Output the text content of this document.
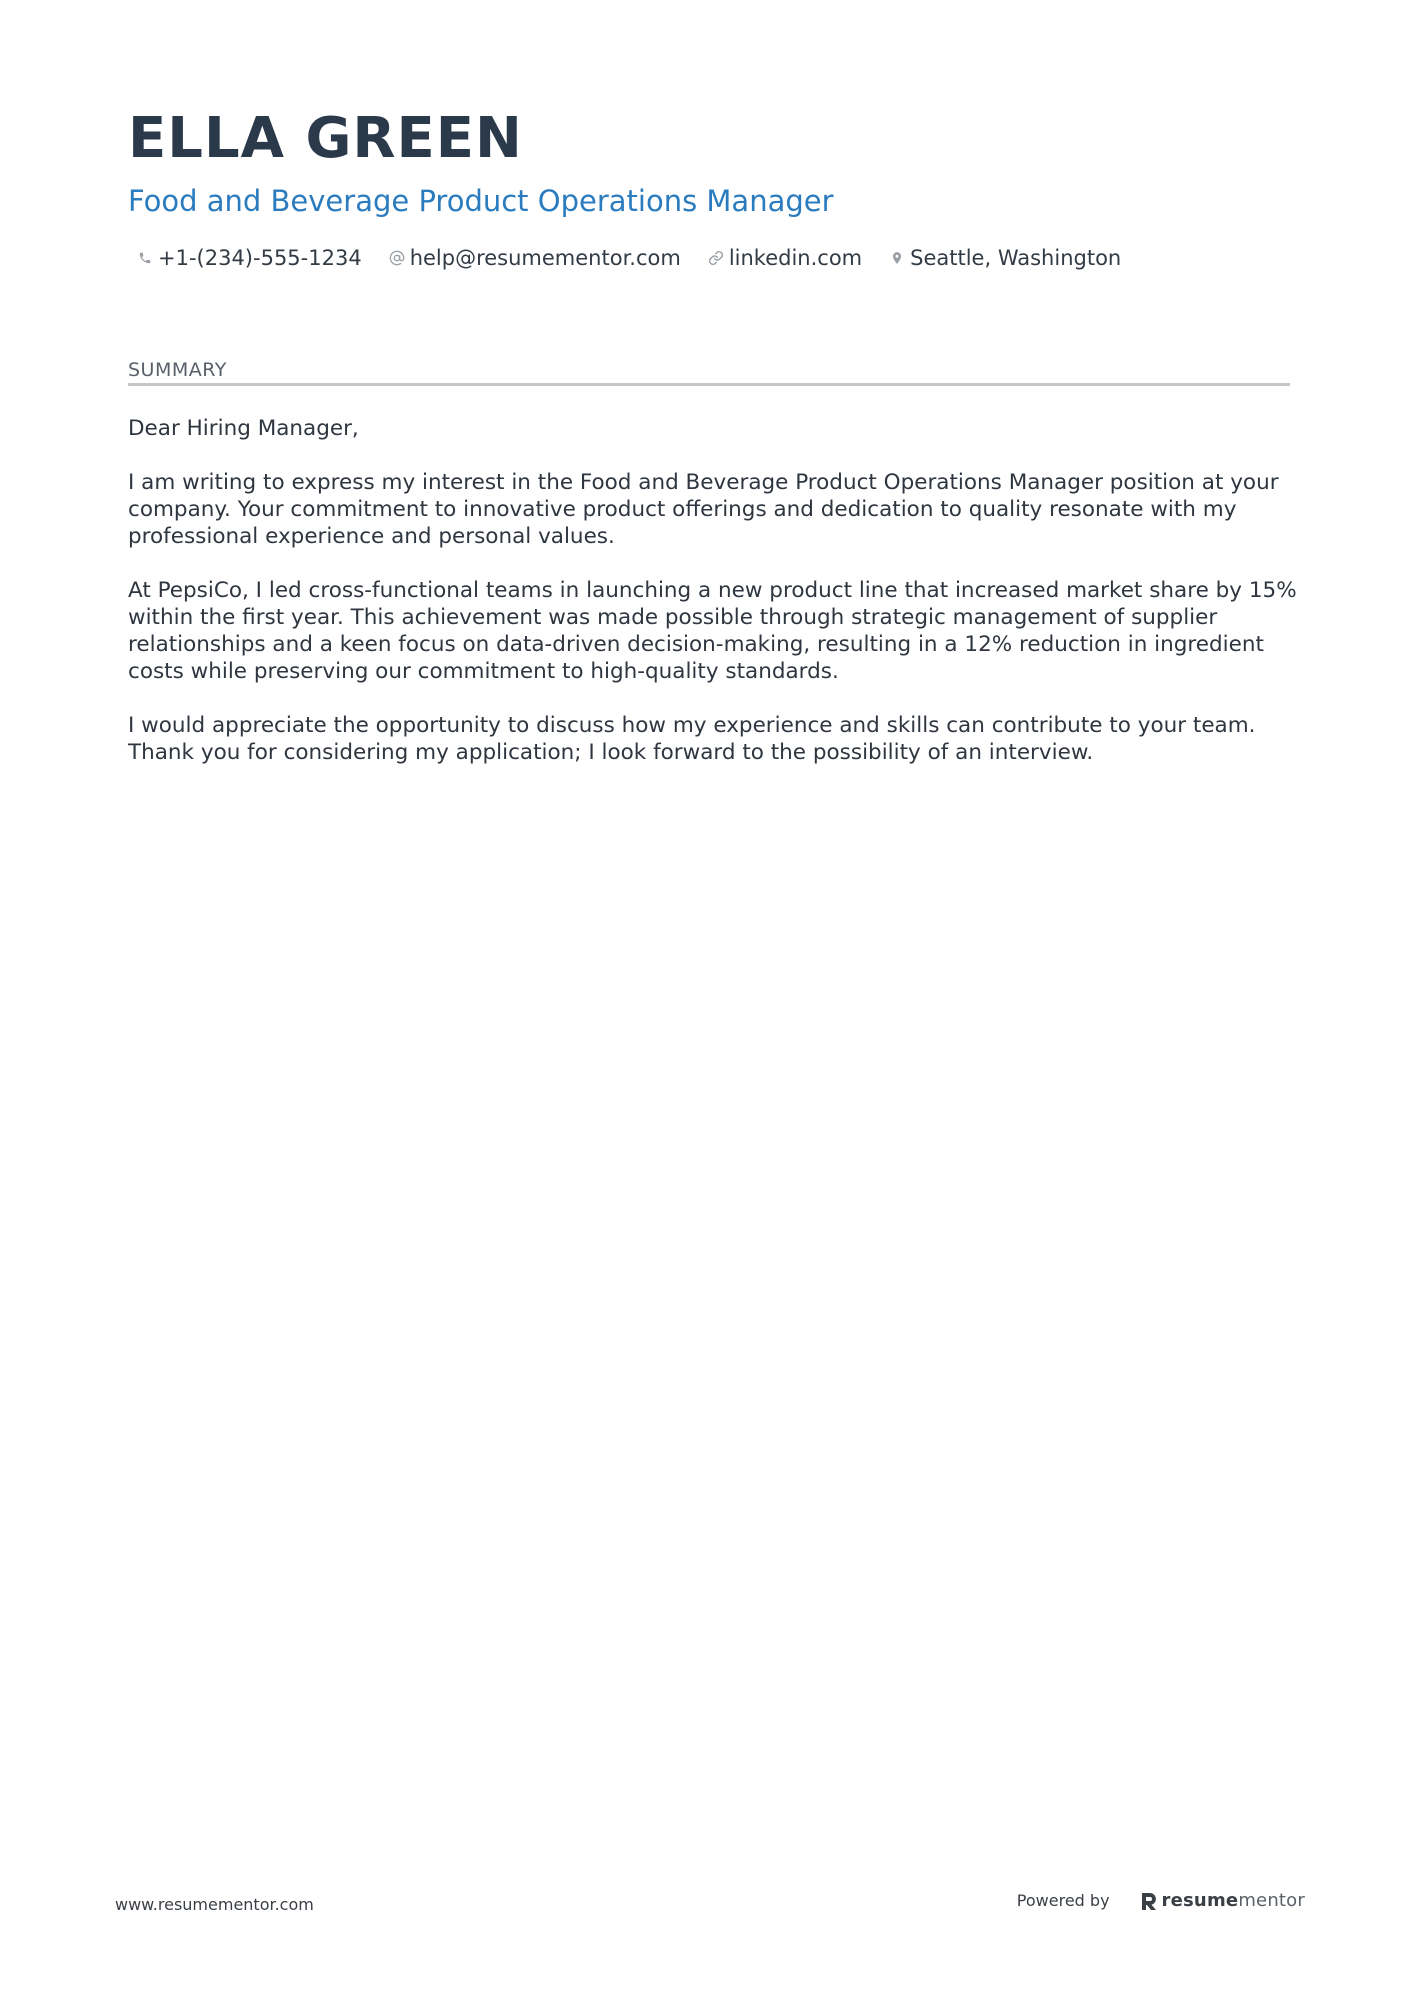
ELLA GREEN
Food and Beverage Product Operations Manager
+1-(234)-555-1234 help@resumementor.com linkedin.com Seattle, Washington
SUMMARY

Dear Hiring Manager,

I am writing to express my interest in the Food and Beverage Product Operations Manager position at your company. Your commitment to innovative product offerings and dedication to quality resonate with my professional experience and personal values.

At PepsiCo, I led cross-functional teams in launching a new product line that increased market share by 15% within the first year. This achievement was made possible through strategic management of supplier relationships and a keen focus on data-driven decision-making, resulting in a 12% reduction in ingredient costs while preserving our commitment to high-quality standards.

I would appreciate the opportunity to discuss how my experience and skills can contribute to your team. Thank you for considering my application; I look forward to the possibility of an interview.

www.resumementor.com	Powered by	resume mentor
